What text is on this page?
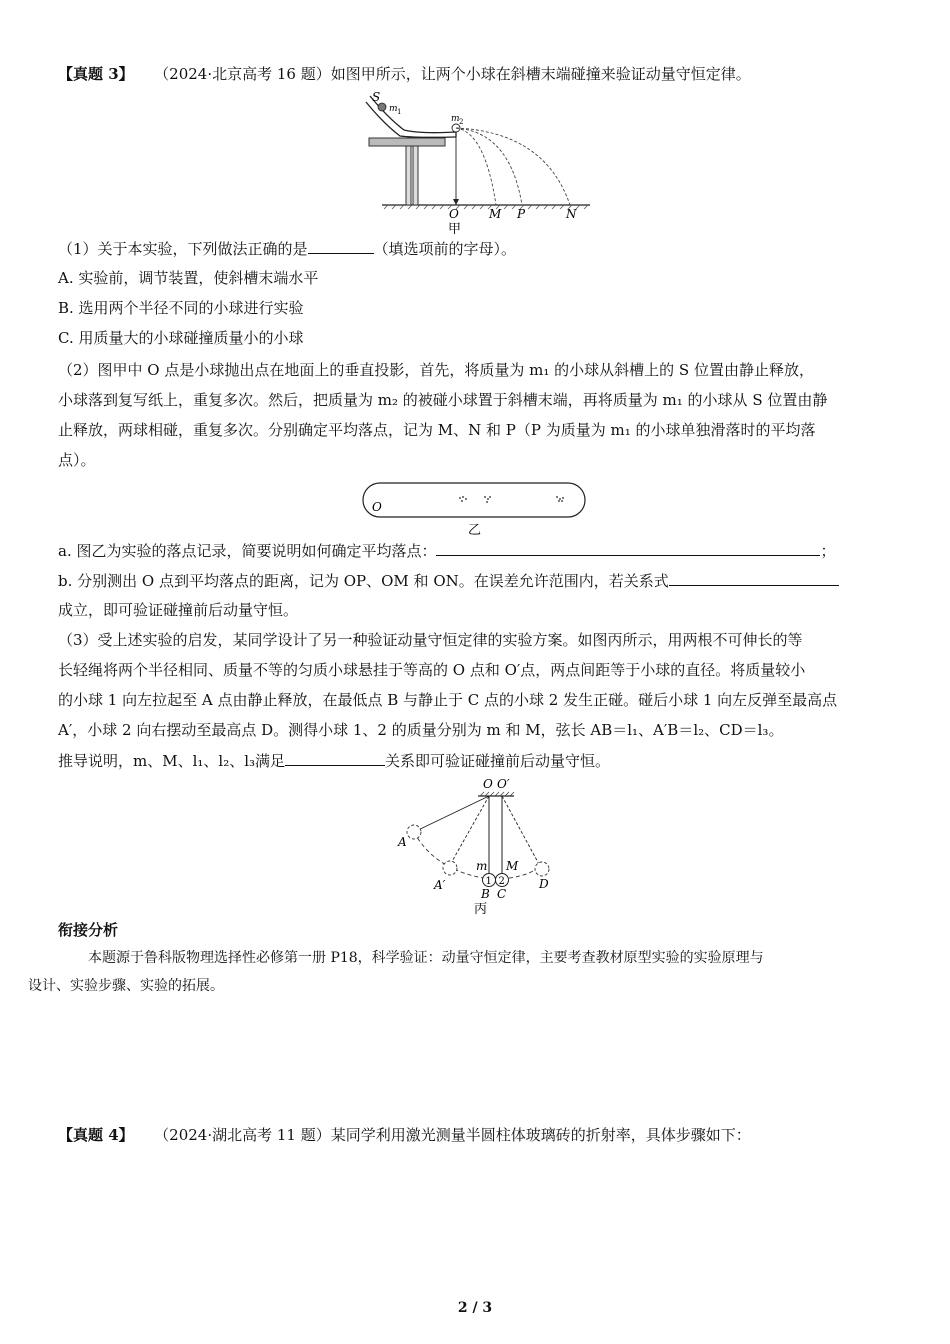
【真题 3】 （2024·北京高考 16 题）如图甲所示，让两个小球在斜槽末端碰撞来验证动量守恒定律。
S
m 1
m 2
O	M P	N
甲
（1）关于本实验，下列做法正确的是	（填选项前的字母）。
A. 实验前，调节装置，使斜槽末端水平
B. 选用两个半径不同的小球进行实验
C. 用质量大的小球碰撞质量小的小球
（2）图甲中 O 点是小球抛出点在地面上的垂直投影，首先，将质量为 m₁ 的小球从斜槽上的 S 位置由静止释放，
小球落到复写纸上，重复多次。然后，把质量为 m₂ 的被碰小球置于斜槽末端，再将质量为 m₁ 的小球从 S 位置由静
止释放，两球相碰，重复多次。分别确定平均落点，记为 M、N 和 P（P 为质量为 m₁ 的小球单独滑落时的平均落
点）。
O
乙
a. 图乙为实验的落点记录，简要说明如何确定平均落点：	；
b. 分别测出 O 点到平均落点的距离，记为 OP、OM 和 ON。在误差允许范围内，若关系式
成立，即可验证碰撞前后动量守恒。
（3）受上述实验的启发，某同学设计了另一种验证动量守恒定律的实验方案。如图丙所示，用两根不可伸长的等
长轻绳将两个半径相同、质量不等的匀质小球悬挂于等高的 O 点和 O′点，两点间距等于小球的直径。将质量较小
的小球 1 向左拉起至 A 点由静止释放，在最低点 B 与静止于 C 点的小球 2 发生正碰。碰后小球 1 向左反弹至最高点
A′，小球 2 向右摆动至最高点 D。测得小球 1、2 的质量分别为 m 和 M，弦长 AB＝l₁、A′B＝l₂、CD＝l₃。
推导说明，m、M、l₁、l₂、l₃满足	关系即可验证碰撞前后动量守恒。
O O′
1 2
m M
A
A′
B C
D
丙
衔接分析
本题源于鲁科版物理选择性必修第一册 P18，科学验证：动量守恒定律，主要考查教材原型实验的实验原理与
设计、实验步骤、实验的拓展。
【真题 4】 （2024·湖北高考 11 题）某同学利用激光测量半圆柱体玻璃砖的折射率，具体步骤如下：
2 / 3
